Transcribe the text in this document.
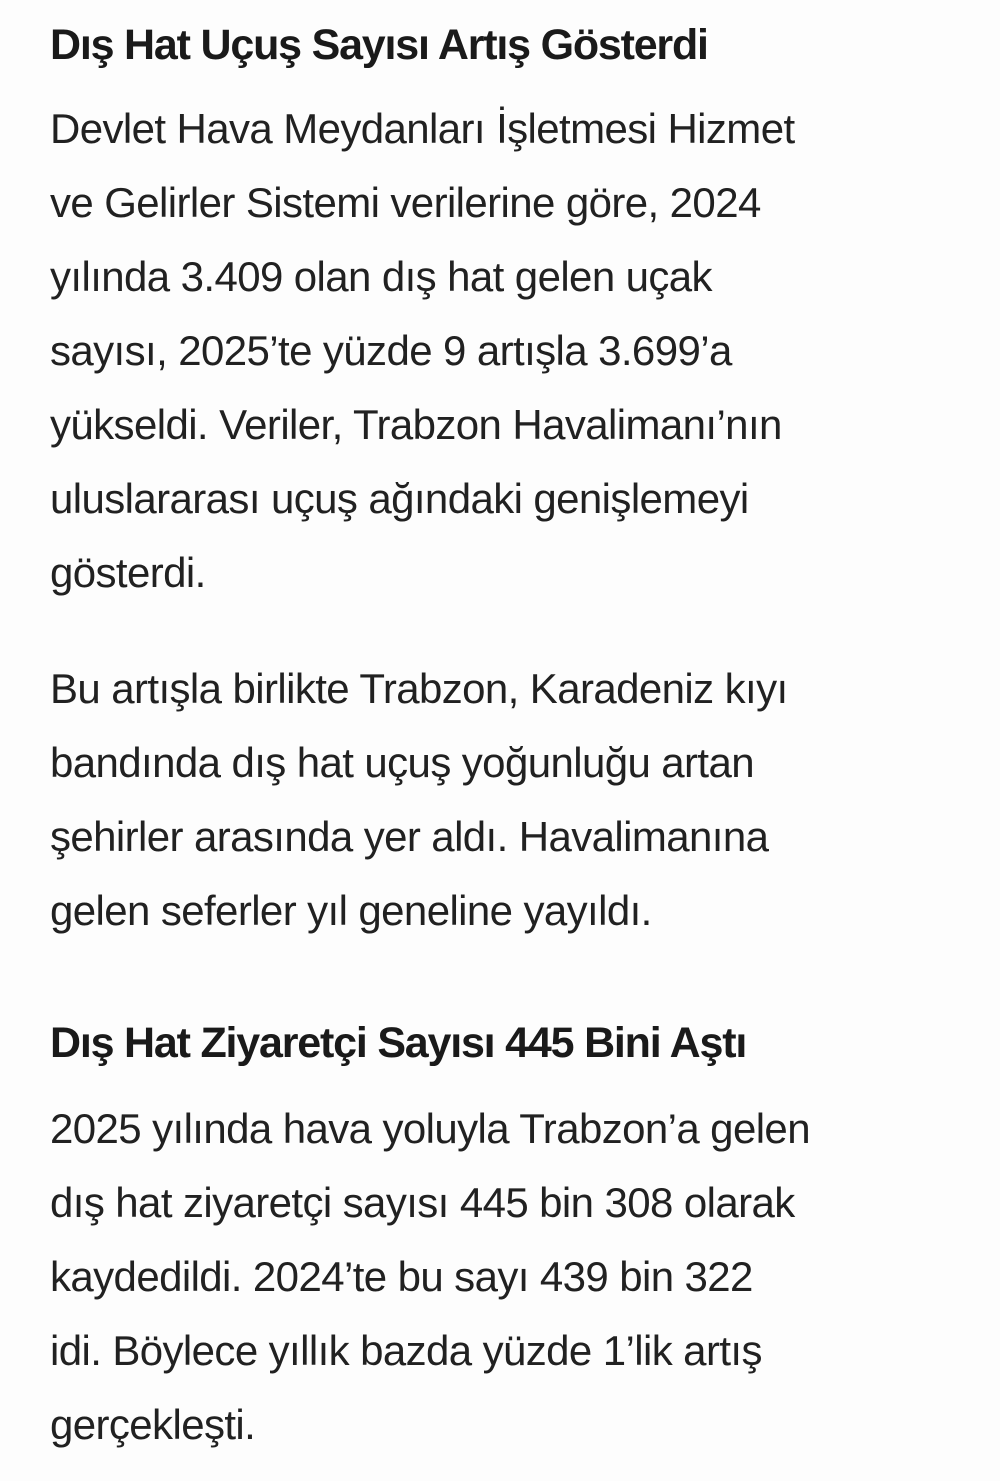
Dış Hat Uçuş Sayısı Artış Gösterdi

Devlet Hava Meydanları İşletmesi Hizmet
ve Gelirler Sistemi verilerine göre, 2024
yılında 3.409 olan dış hat gelen uçak
sayısı, 2025’te yüzde 9 artışla 3.699’a
yükseldi. Veriler, Trabzon Havalimanı’nın
uluslararası uçuş ağındaki genişlemeyi
gösterdi.

Bu artışla birlikte Trabzon, Karadeniz kıyı
bandında dış hat uçuş yoğunluğu artan
şehirler arasında yer aldı. Havalimanına
gelen seferler yıl geneline yayıldı.

Dış Hat Ziyaretçi Sayısı 445 Bini Aştı

2025 yılında hava yoluyla Trabzon’a gelen
dış hat ziyaretçi sayısı 445 bin 308 olarak
kaydedildi. 2024’te bu sayı 439 bin 322
idi. Böylece yıllık bazda yüzde 1’lik artış
gerçekleşti.
